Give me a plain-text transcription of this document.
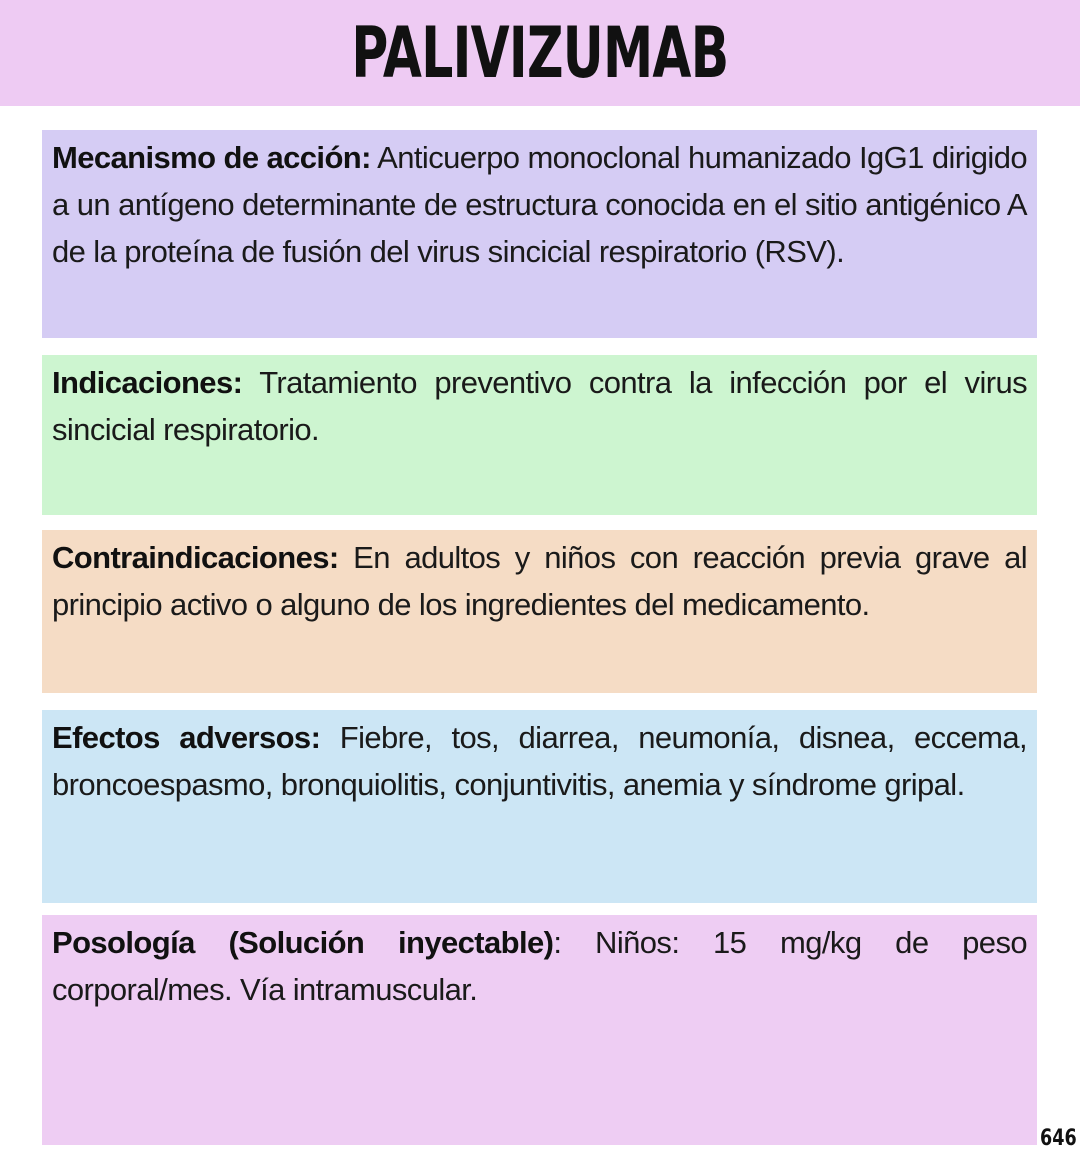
PALIVIZUMAB

Mecanismo de acción: Anticuerpo monoclonal humanizado IgG1 dirigido a un antígeno determinante de estructura conocida en el sitio antigénico A de la proteína de fusión del virus sincicial respiratorio (RSV).

Indicaciones: Tratamiento preventivo contra la infección por el virus sincicial respiratorio.

Contraindicaciones: En adultos y niños con reacción previa grave al principio activo o alguno de los ingredientes del medicamento.

Efectos adversos: Fiebre, tos, diarrea, neumonía, disnea, eccema, broncoespasmo, bronquiolitis, conjuntivitis, anemia y síndrome gripal.

Posología (Solución inyectable): Niños: 15 mg/kg de peso corporal/mes. Vía intramuscular.

646
